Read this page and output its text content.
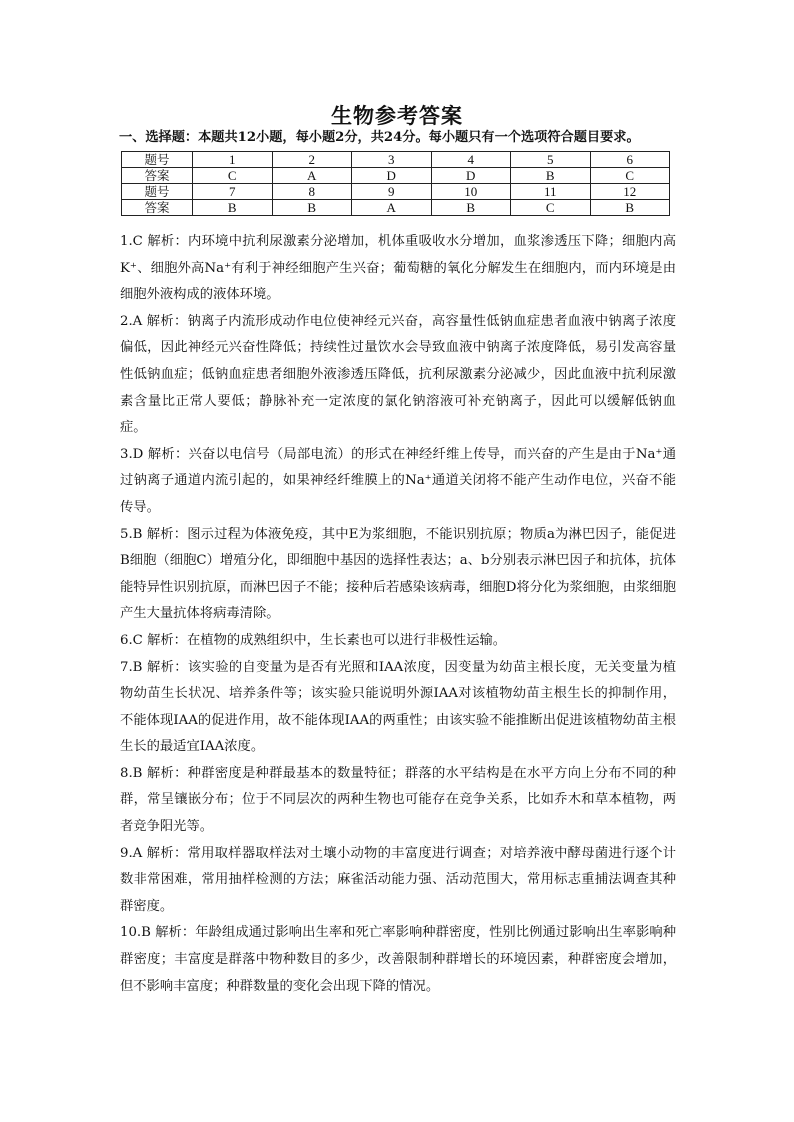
生物参考答案
一、选择题：本题共12小题，每小题2分，共24分。每小题只有一个选项符合题目要求。
题号	1	2	3	4	5	6
答案	C	A	D	D	B	C
题号	7	8	9	10	11	12
答案	B	B	A	B	C	B

1.C 解析：内环境中抗利尿激素分泌增加，机体重吸收水分增加，血浆渗透压下降；细胞内高K⁺、细胞外高Na⁺有利于神经细胞产生兴奋；葡萄糖的氧化分解发生在细胞内，而内环境是由细胞外液构成的液体环境。

2.A 解析：钠离子内流形成动作电位使神经元兴奋，高容量性低钠血症患者血液中钠离子浓度偏低，因此神经元兴奋性降低；持续性过量饮水会导致血液中钠离子浓度降低，易引发高容量性低钠血症；低钠血症患者细胞外液渗透压降低，抗利尿激素分泌减少，因此血液中抗利尿激素含量比正常人要低；静脉补充一定浓度的氯化钠溶液可补充钠离子，因此可以缓解低钠血症。

3.D 解析：兴奋以电信号（局部电流）的形式在神经纤维上传导，而兴奋的产生是由于Na⁺通过钠离子通道内流引起的，如果神经纤维膜上的Na⁺通道关闭将不能产生动作电位，兴奋不能传导。

5.B 解析：图示过程为体液免疫，其中E为浆细胞，不能识别抗原；物质a为淋巴因子，能促进B细胞（细胞C）增殖分化，即细胞中基因的选择性表达；a、b分别表示淋巴因子和抗体，抗体能特异性识别抗原，而淋巴因子不能；接种后若感染该病毒，细胞D将分化为浆细胞，由浆细胞产生大量抗体将病毒清除。

6.C 解析：在植物的成熟组织中，生长素也可以进行非极性运输。

7.B 解析：该实验的自变量为是否有光照和IAA浓度，因变量为幼苗主根长度，无关变量为植物幼苗生长状况、培养条件等；该实验只能说明外源IAA对该植物幼苗主根生长的抑制作用，不能体现IAA的促进作用，故不能体现IAA的两重性；由该实验不能推断出促进该植物幼苗主根生长的最适宜IAA浓度。

8.B 解析：种群密度是种群最基本的数量特征；群落的水平结构是在水平方向上分布不同的种群，常呈镶嵌分布；位于不同层次的两种生物也可能存在竞争关系，比如乔木和草本植物，两者竞争阳光等。

9.A 解析：常用取样器取样法对土壤小动物的丰富度进行调查；对培养液中酵母菌进行逐个计数非常困难，常用抽样检测的方法；麻雀活动能力强、活动范围大，常用标志重捕法调查其种群密度。

10.B 解析：年龄组成通过影响出生率和死亡率影响种群密度，性别比例通过影响出生率影响种群密度；丰富度是群落中物种数目的多少，改善限制种群增长的环境因素，种群密度会增加，但不影响丰富度；种群数量的变化会出现下降的情况。
